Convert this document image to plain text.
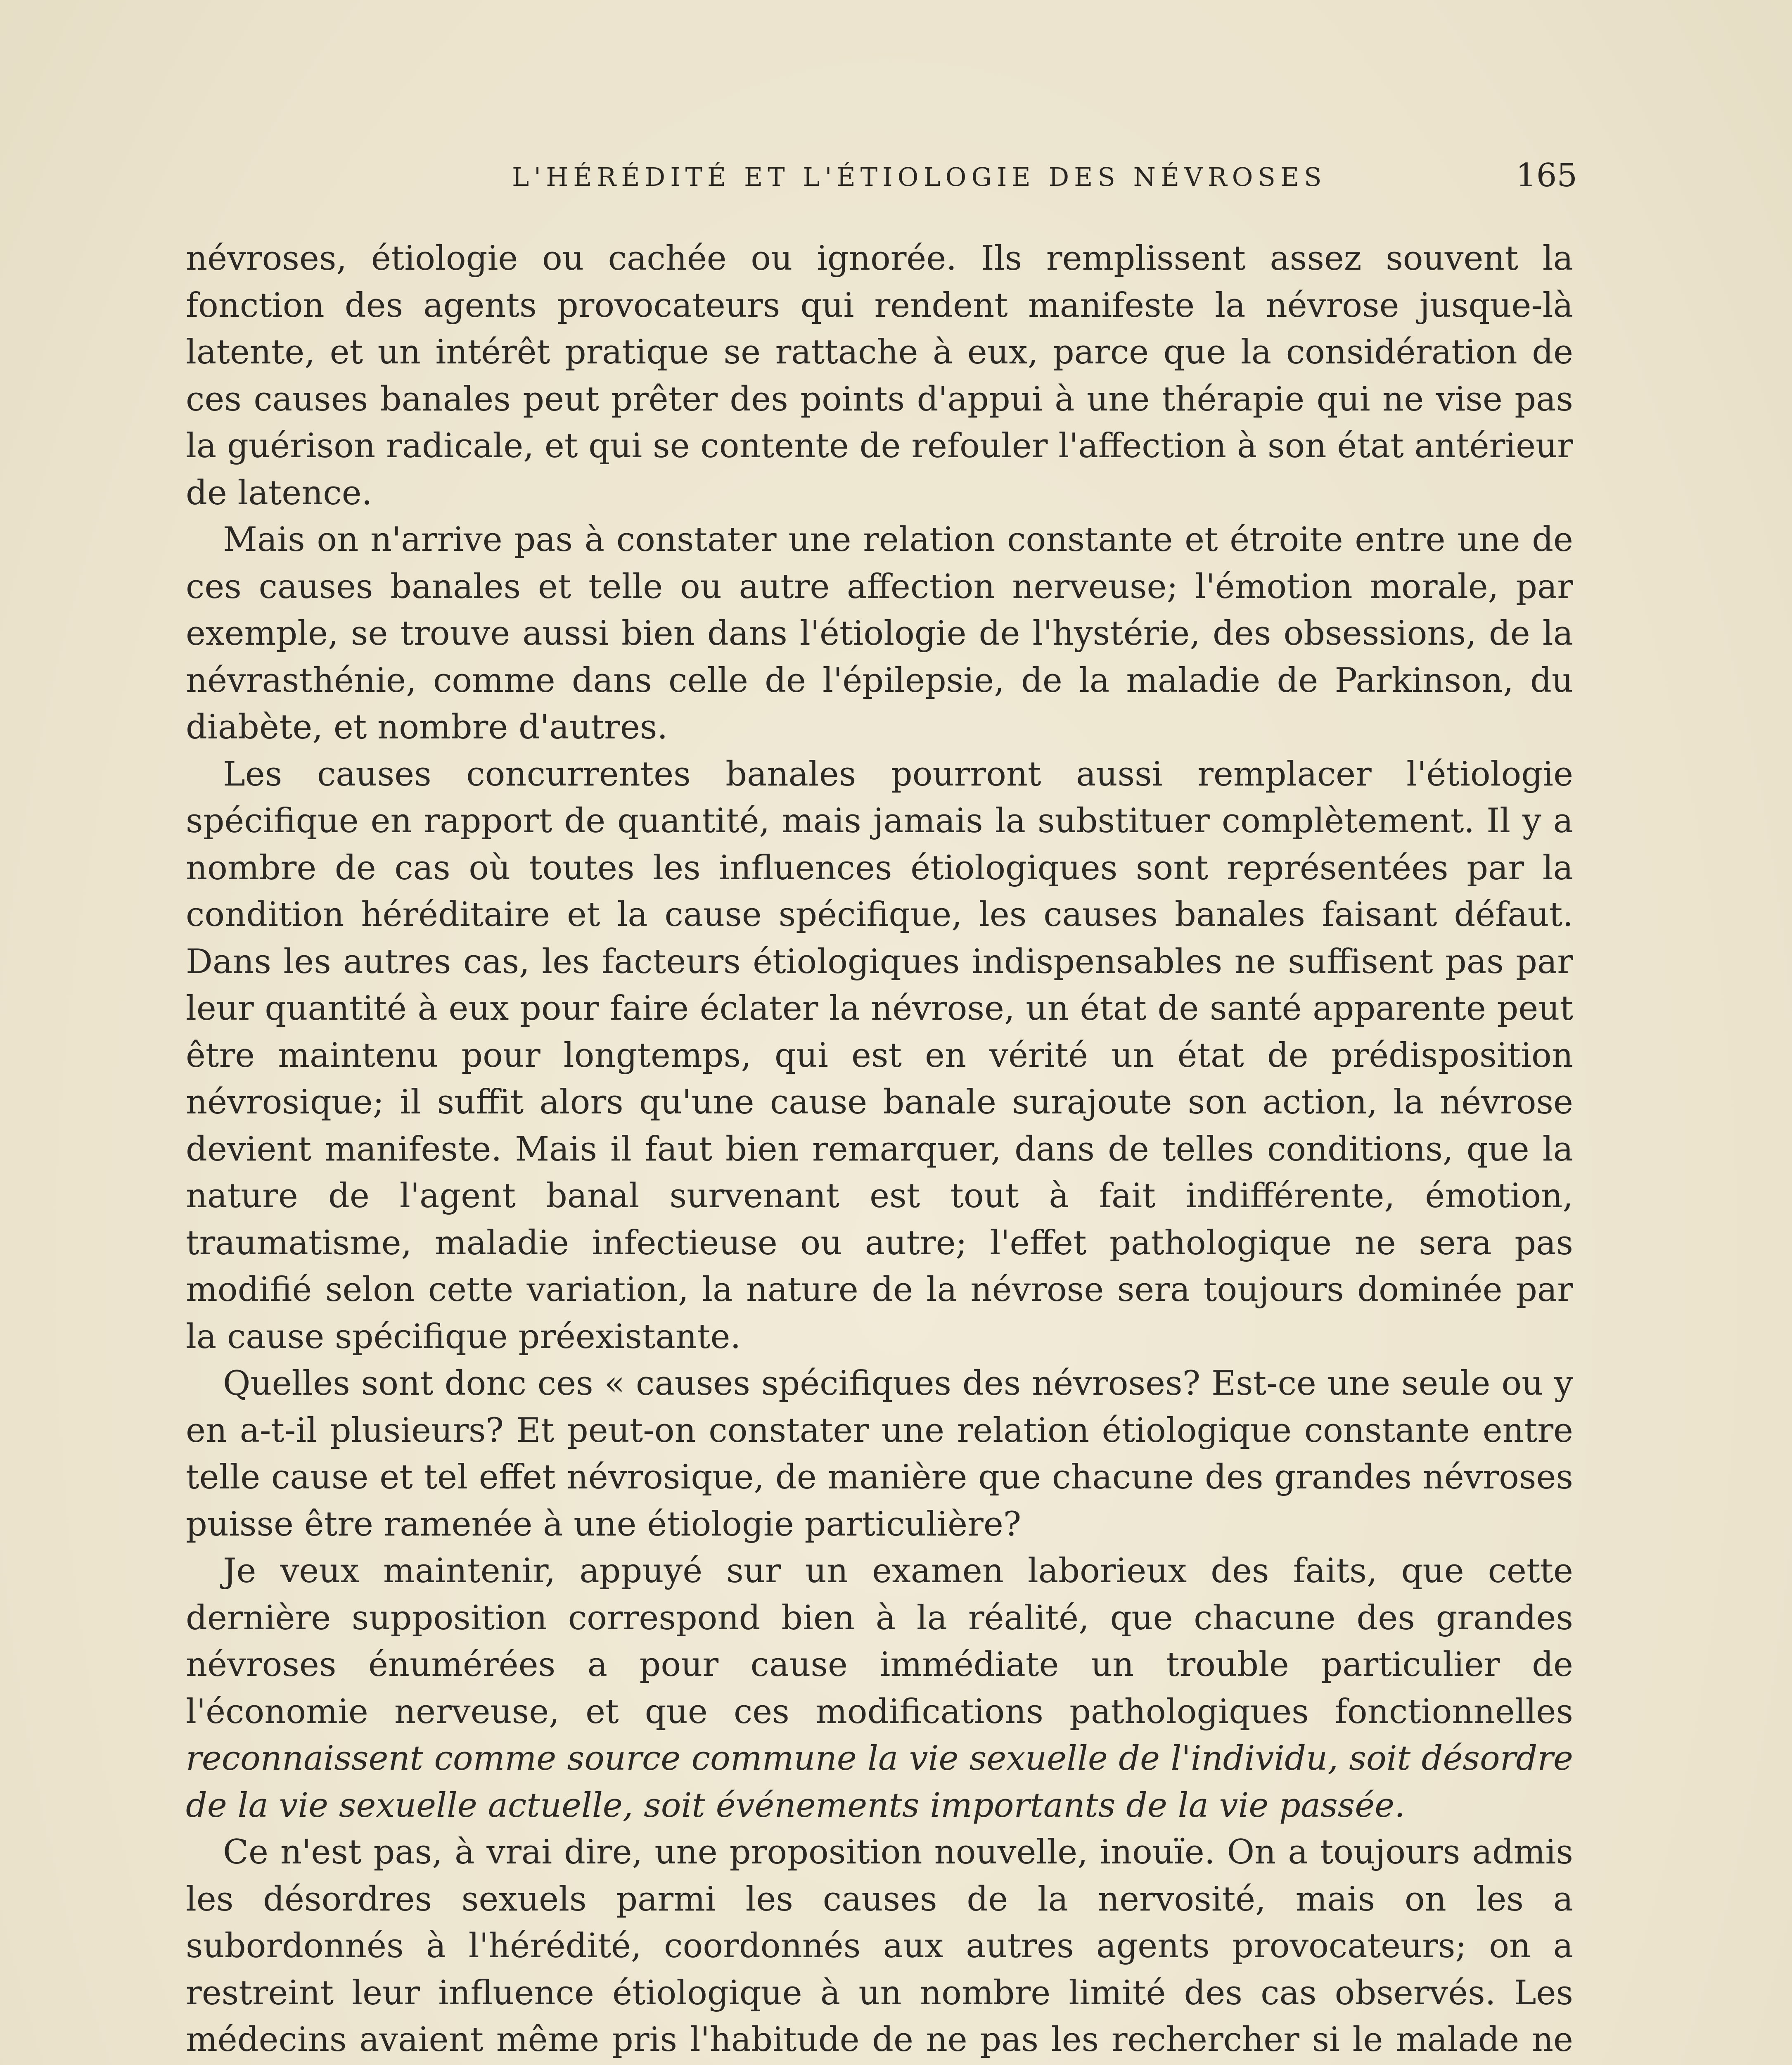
L'HÉRÉDITÉ ET L'ÉTIOLOGIE DES NÉVROSES	165

névroses, étiologie ou cachée ou ignorée. Ils remplissent assez souvent la fonction des agents provocateurs qui rendent manifeste la névrose jusque-là latente, et un intérêt pratique se rattache à eux, parce que la considération de ces causes banales peut prêter des points d'appui à une thérapie qui ne vise pas la guérison radicale, et qui se contente de refouler l'affection à son état antérieur de latence.

Mais on n'arrive pas à constater une relation constante et étroite entre une de ces causes banales et telle ou autre affection nerveuse; l'émotion morale, par exemple, se trouve aussi bien dans l'étiologie de l'hystérie, des obsessions, de la névrasthénie, comme dans celle de l'épilepsie, de la maladie de Parkinson, du diabète, et nombre d'autres.

Les causes concurrentes banales pourront aussi remplacer l'étiologie spécifique en rapport de quantité, mais jamais la substituer complètement. Il y a nombre de cas où toutes les influences étiologiques sont représentées par la condition héréditaire et la cause spécifique, les causes banales faisant défaut. Dans les autres cas, les facteurs étiologiques indispensables ne suffisent pas par leur quantité à eux pour faire éclater la névrose, un état de santé apparente peut être maintenu pour longtemps, qui est en vérité un état de prédisposition névrosique; il suffit alors qu'une cause banale surajoute son action, la névrose devient manifeste. Mais il faut bien remarquer, dans de telles conditions, que la nature de l'agent banal survenant est tout à fait indifférente, émotion, traumatisme, maladie infectieuse ou autre; l'effet pathologique ne sera pas modifié selon cette variation, la nature de la névrose sera toujours dominée par la cause spécifique préexistante.

Quelles sont donc ces « causes spécifiques des névroses? Est-ce une seule ou y en a-t-il plusieurs? Et peut-on constater une relation étiologique constante entre telle cause et tel effet névrosique, de manière que chacune des grandes névroses puisse être ramenée à une étiologie particulière?

Je veux maintenir, appuyé sur un examen laborieux des faits, que cette dernière supposition correspond bien à la réalité, que chacune des grandes névroses énumérées a pour cause immédiate un trouble particulier de l'économie nerveuse, et que ces modifications pathologiques fonctionnelles reconnaissent comme source commune la vie sexuelle de l'individu, soit désordre de la vie sexuelle actuelle, soit événements importants de la vie passée.

Ce n'est pas, à vrai dire, une proposition nouvelle, inouïe. On a toujours admis les désordres sexuels parmi les causes de la nervosité, mais on les a subordonnés à l'hérédité, coordonnés aux autres agents provocateurs; on a restreint leur influence étiologique à un nombre limité des cas observés. Les médecins avaient même pris l'habitude de ne pas les rechercher si le malade ne
